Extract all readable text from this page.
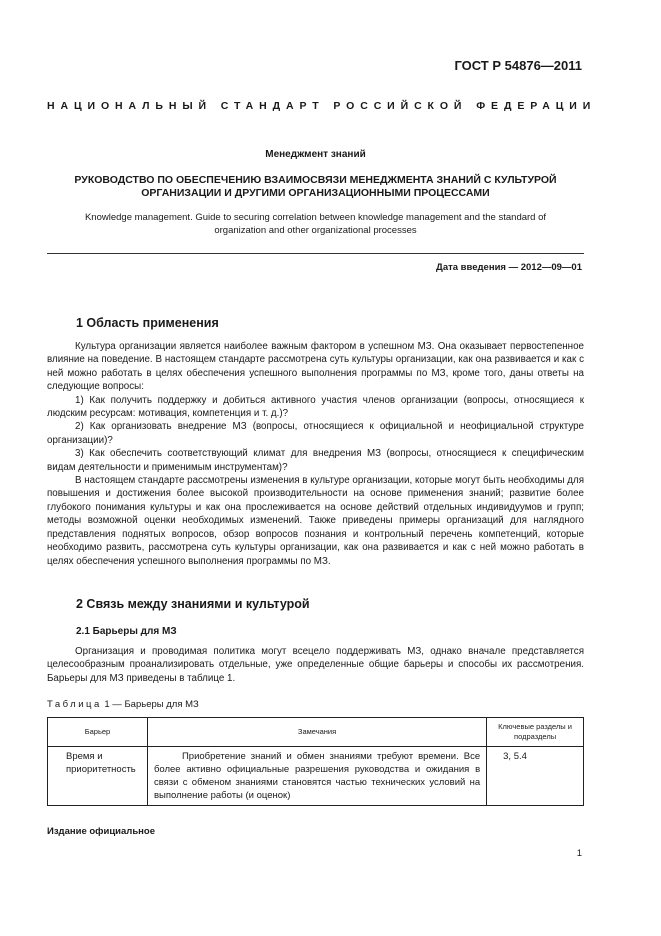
ГОСТ Р 54876—2011
НАЦИОНАЛЬНЫЙ СТАНДАРТ РОССИЙСКОЙ ФЕДЕРАЦИИ
Менеджмент знаний
РУКОВОДСТВО ПО ОБЕСПЕЧЕНИЮ ВЗАИМОСВЯЗИ МЕНЕДЖМЕНТА ЗНАНИЙ С КУЛЬТУРОЙ
ОРГАНИЗАЦИИ И ДРУГИМИ ОРГАНИЗАЦИОННЫМИ ПРОЦЕССАМИ
Knowledge management. Guide to securing correlation between knowledge management and the standard of
organization and other organizational processes
Дата введения — 2012—09—01
1 Область применения

Культура организации является наиболее важным фактором в успешном МЗ. Она оказывает первостепенное влияние на поведение. В настоящем стандарте рассмотрена суть культуры организации, как она развивается и как с ней можно работать в целях обеспечения успешного выполнения программы по МЗ, кроме того, даны ответы на следующие вопросы:

1) Как получить поддержку и добиться активного участия членов организации (вопросы, относящиеся к людским ресурсам: мотивация, компетенция и т. д.)?

2) Как организовать внедрение МЗ (вопросы, относящиеся к официальной и неофициальной структуре организации)?

3) Как обеспечить соответствующий климат для внедрения МЗ (вопросы, относящиеся к специфическим видам деятельности и применимым инструментам)?

В настоящем стандарте рассмотрены изменения в культуре организации, которые могут быть необходимы для повышения и достижения более высокой производительности на основе применения знаний; развитие более глубокого понимания культуры и как она прослеживается на основе действий отдельных индивидуумов и групп; методы возможной оценки необходимых изменений. Также приведены примеры организаций для наглядного представления поднятых вопросов, обзор вопросов познания и контрольный перечень компетенций, которые необходимо развить, рассмотрена суть культуры организации, как она развивается и как с ней можно работать в целях обеспечения успешного выполнения программы по МЗ.

2 Связь между знаниями и культурой
2.1 Барьеры для МЗ

Организация и проводимая политика могут всецело поддерживать МЗ, однако вначале представляется целесообразным проанализировать отдельные, уже определенные общие барьеры и способы их рассмотрения. Барьеры для МЗ приведены в таблице 1.

Таблица 1 — Барьеры для МЗ
Барьер	Замечания	Ключевые разделы и подразделы
Время и приоритетность	Приобретение знаний и обмен знаниями требуют времени. Все более активно официальные разрешения руководства и ожидания в связи с обменом знаниями становятся частью технических условий на выполнение работы (и оценок)	3, 5.4
Издание официальное
1
